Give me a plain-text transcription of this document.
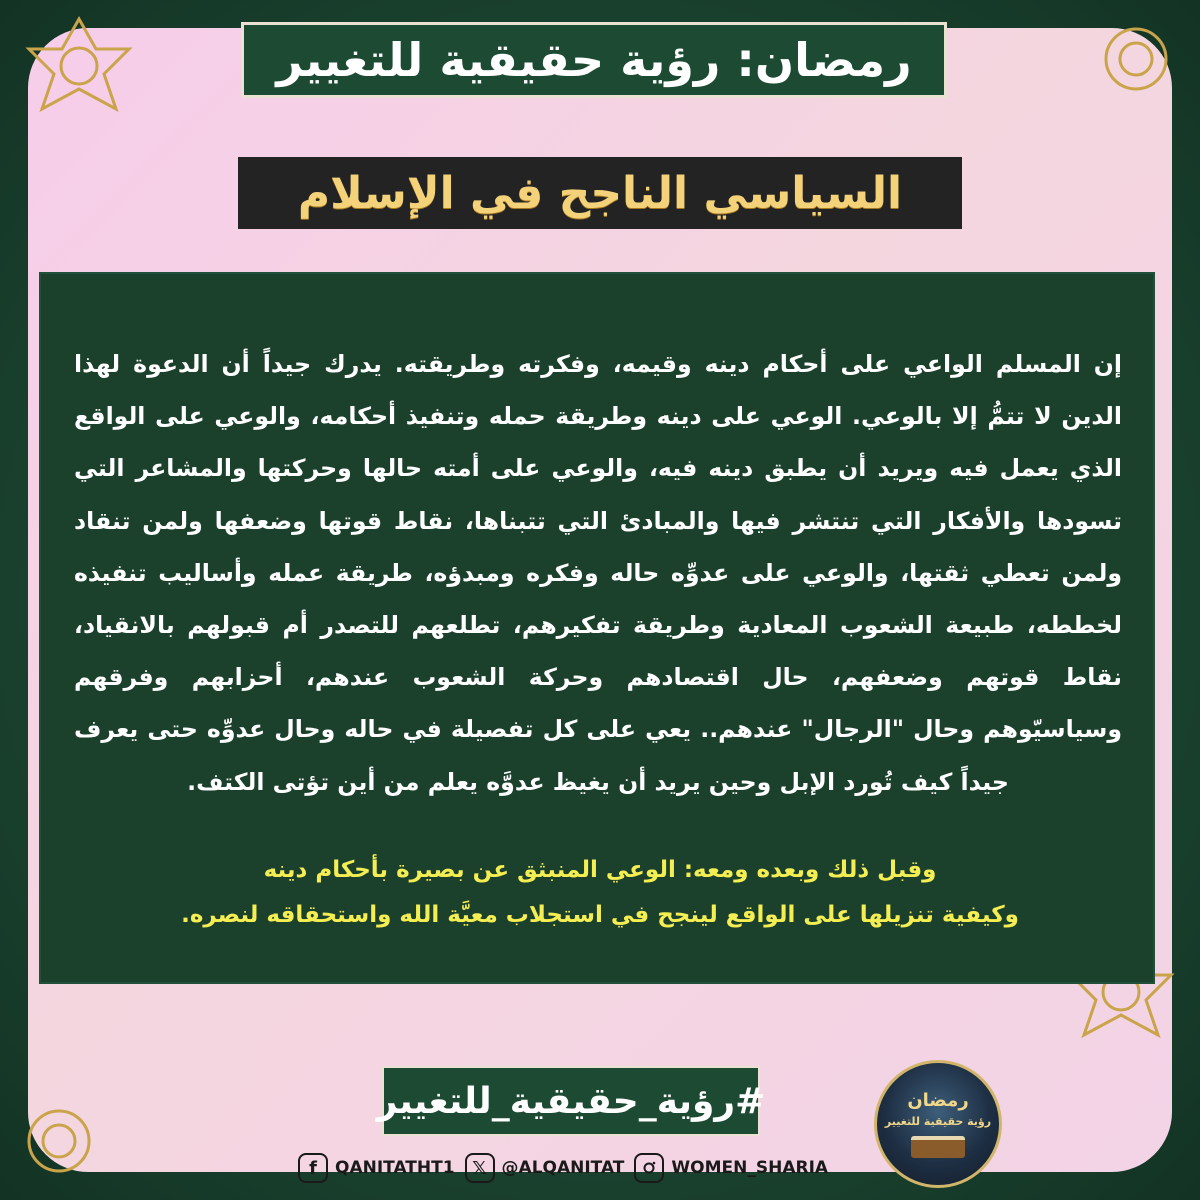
رمضان: رؤية حقيقية للتغيير
السياسي الناجح في الإسلام

إن المسلم الواعي على أحكام دينه وقيمه، وفكرته وطريقته. يدرك جيداً أن الدعوة لهذا الدين لا تتمُّ إلا بالوعي. الوعي على دينه وطريقة حمله وتنفيذ أحكامه، والوعي على الواقع الذي يعمل فيه ويريد أن يطبق دينه فيه، والوعي على أمته حالها وحركتها والمشاعر التي تسودها والأفكار التي تنتشر فيها والمبادئ التي تتبناها، نقاط قوتها وضعفها ولمن تنقاد ولمن تعطي ثقتها، والوعي على عدوِّه حاله وفكره ومبدؤه، طريقة عمله وأساليب تنفيذه لخططه، طبيعة الشعوب المعادية وطريقة تفكيرهم، تطلعهم للتصدر أم قبولهم بالانقياد، نقاط قوتهم وضعفهم، حال اقتصادهم وحركة الشعوب عندهم، أحزابهم وفرقهم وسياسيّوهم وحال "الرجال" عندهم.. يعي على كل تفصيلة في حاله وحال عدوِّه حتى يعرف جيداً كيف تُورد الإبل وحين يريد أن يغيظ عدوَّه يعلم من أين تؤتى الكتف.

وقبل ذلك وبعده ومعه: الوعي المنبثق عن بصيرة بأحكام دينه

وكيفية تنزيلها على الواقع لينجح في استجلاب معيَّة الله واستحقاقه لنصره.

#رؤية_حقيقية_للتغيير
f	QANITATHT1 𝕏 @ALQANITAT	WOMEN_SHARIA
رمضان
رؤية حقيقية للتغيير
